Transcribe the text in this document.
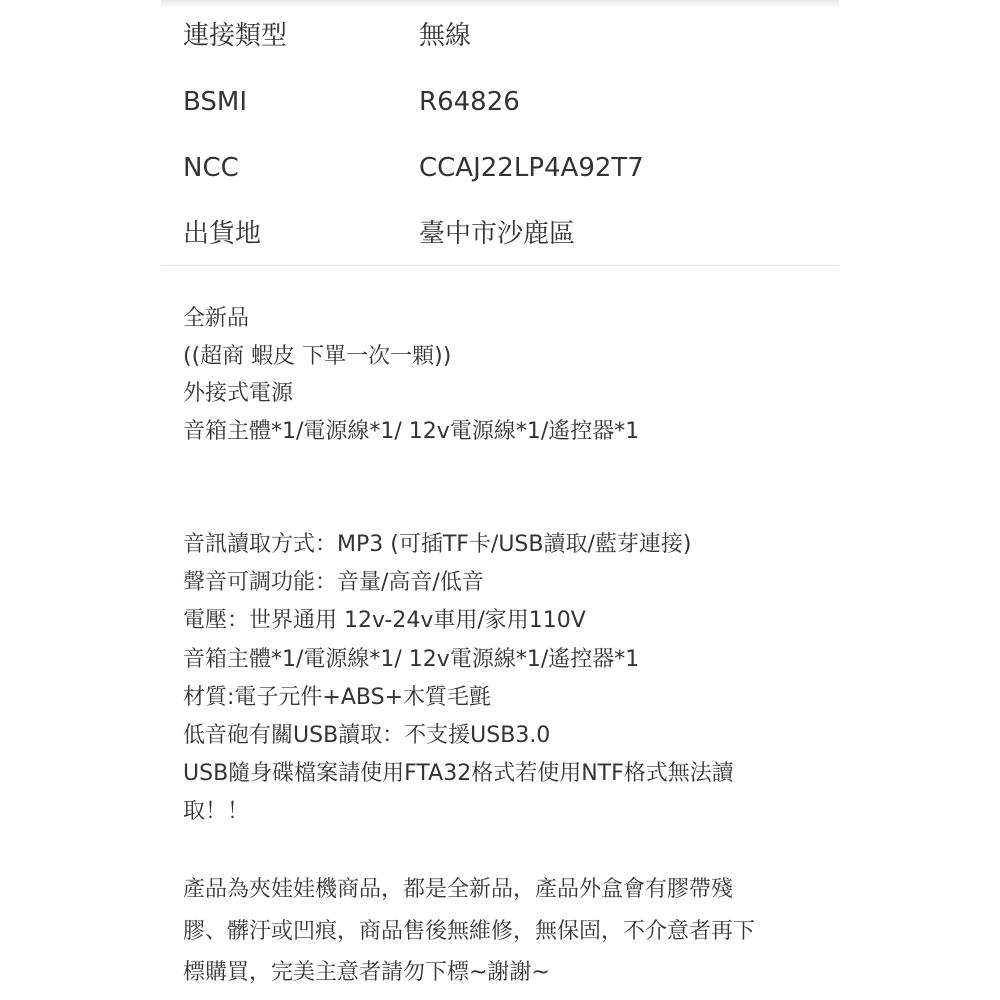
連接類型	無線
BSMI	R64826
NCC	CCAJ22LP4A92T7
出貨地	臺中市沙鹿區
全新品
((超商 蝦皮 下單一次一顆))
外接式電源
音箱主體*1/電源線*1/ 12v電源線*1/遙控器*1
音訊讀取方式：MP3 (可插TF卡/USB讀取/藍芽連接)
聲音可調功能：音量/高音/低音
電壓：世界通用 12v-24v車用/家用110V
音箱主體*1/電源線*1/ 12v電源線*1/遙控器*1
材質:電子元件+ABS+木質毛氈
低音砲有關USB讀取：不支援USB3.0
USB隨身碟檔案請使用FTA32格式若使用NTF格式無法讀
取！！
產品為夾娃娃機商品，都是全新品，產品外盒會有膠帶殘
膠、髒汙或凹痕，商品售後無維修，無保固，不介意者再下
標購買，完美主意者請勿下標~謝謝~
